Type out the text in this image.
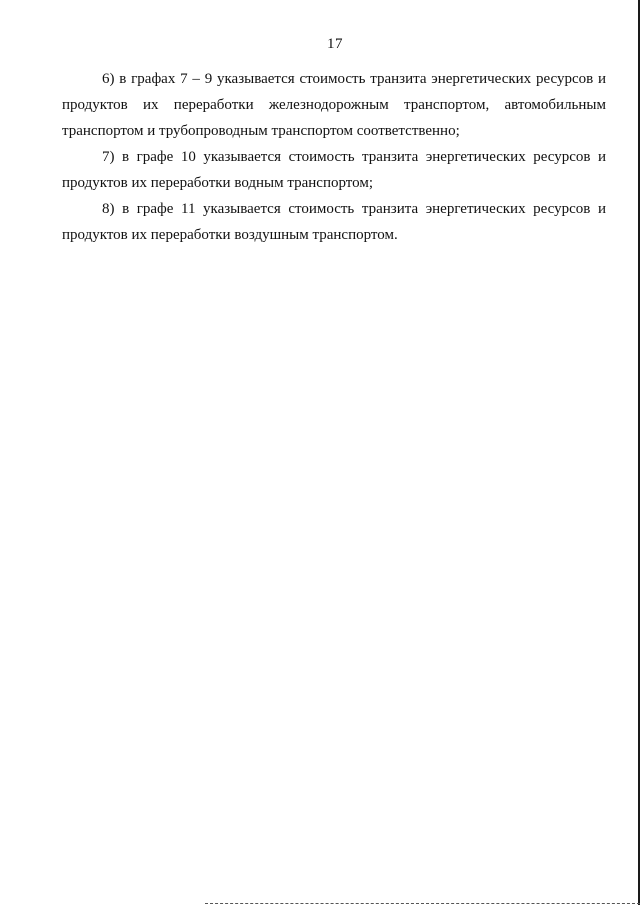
17

6) в графах 7 – 9 указывается стоимость транзита энергетических ресурсов и продуктов их переработки железнодорожным транспортом, автомобильным транспортом и трубопроводным транспортом соответственно;

7) в графе 10 указывается стоимость транзита энергетических ресурсов и продуктов их переработки водным транспортом;

8) в графе 11 указывается стоимость транзита энергетических ресурсов и продуктов их переработки воздушным транспортом.
